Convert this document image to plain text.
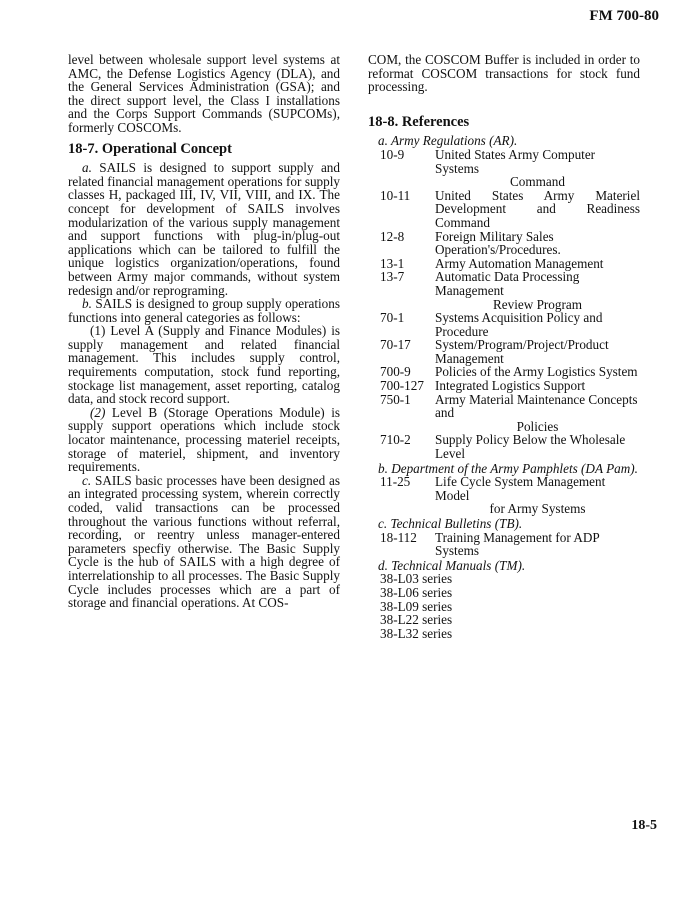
FM 700-80

level between wholesale support level systems at AMC, the Defense Logistics Agency (DLA), and the General Services Administration (GSA); and the direct support level, the Class I installations and the Corps Support Commands (SUPCOMs), formerly COSCOMs.

18-7. Operational Concept

a. SAILS is designed to support supply and related financial management operations for supply classes H, packaged III, IV, VII, VIII, and IX. The concept for development of SAILS involves modularization of the various supply management and support functions with plug-in/plug-out applications which can be tailored to fulfill the unique logistics organization/operations, found between Army major commands, without system redesign and/or reprograming.

b. SAILS is designed to group supply operations functions into general categories as follows:

(1) Level A (Supply and Finance Modules) is supply management and related financial management. This includes supply control, requirements computation, stock fund reporting, stockage list management, asset reporting, catalog data, and stock record support.

(2) Level B (Storage Operations Module) is supply support operations which include stock locator maintenance, processing materiel receipts, storage of materiel, shipment, and inventory requirements.

c. SAILS basic processes have been designed as an integrated processing system, wherein correctly coded, valid transactions can be processed throughout the various functions without referral, recording, or reentry unless manager-entered parameters specfiy otherwise. The Basic Supply Cycle is the hub of SAILS with a high degree of interrelationship to all processes. The Basic Supply Cycle includes processes which are a part of storage and financial operations. At COS-

COM, the COSCOM Buffer is included in order to reformat COSCOM transactions for stock fund processing.

18-8. References
a. Army Regulations (AR).
10-9	United States Army Computer Systems
Command
10-11	United States Army Materiel Development and Readiness Command
12-8	Foreign Military Sales Operation's/Procedures.
13-1	Army Automation Management
13-7	Automatic Data Processing Management
Review Program
70-1	Systems Acquisition Policy and Procedure
70-17	System/Program/Project/Product Management
700-9	Policies of the Army Logistics System
700-127 Integrated Logistics Support
750-1	Army Material Maintenance Concepts and
Policies
710-2	Supply Policy Below the Wholesale Level
b. Department of the Army Pamphlets (DA Pam).
11-25	Life Cycle System Management Model
for Army Systems
c. Technical Bulletins (TB).
18-112	Training Management for ADP Systems
d. Technical Manuals (TM).
38-L03 series
38-L06 series
38-L09 series
38-L22 series
38-L32 series
18-5
